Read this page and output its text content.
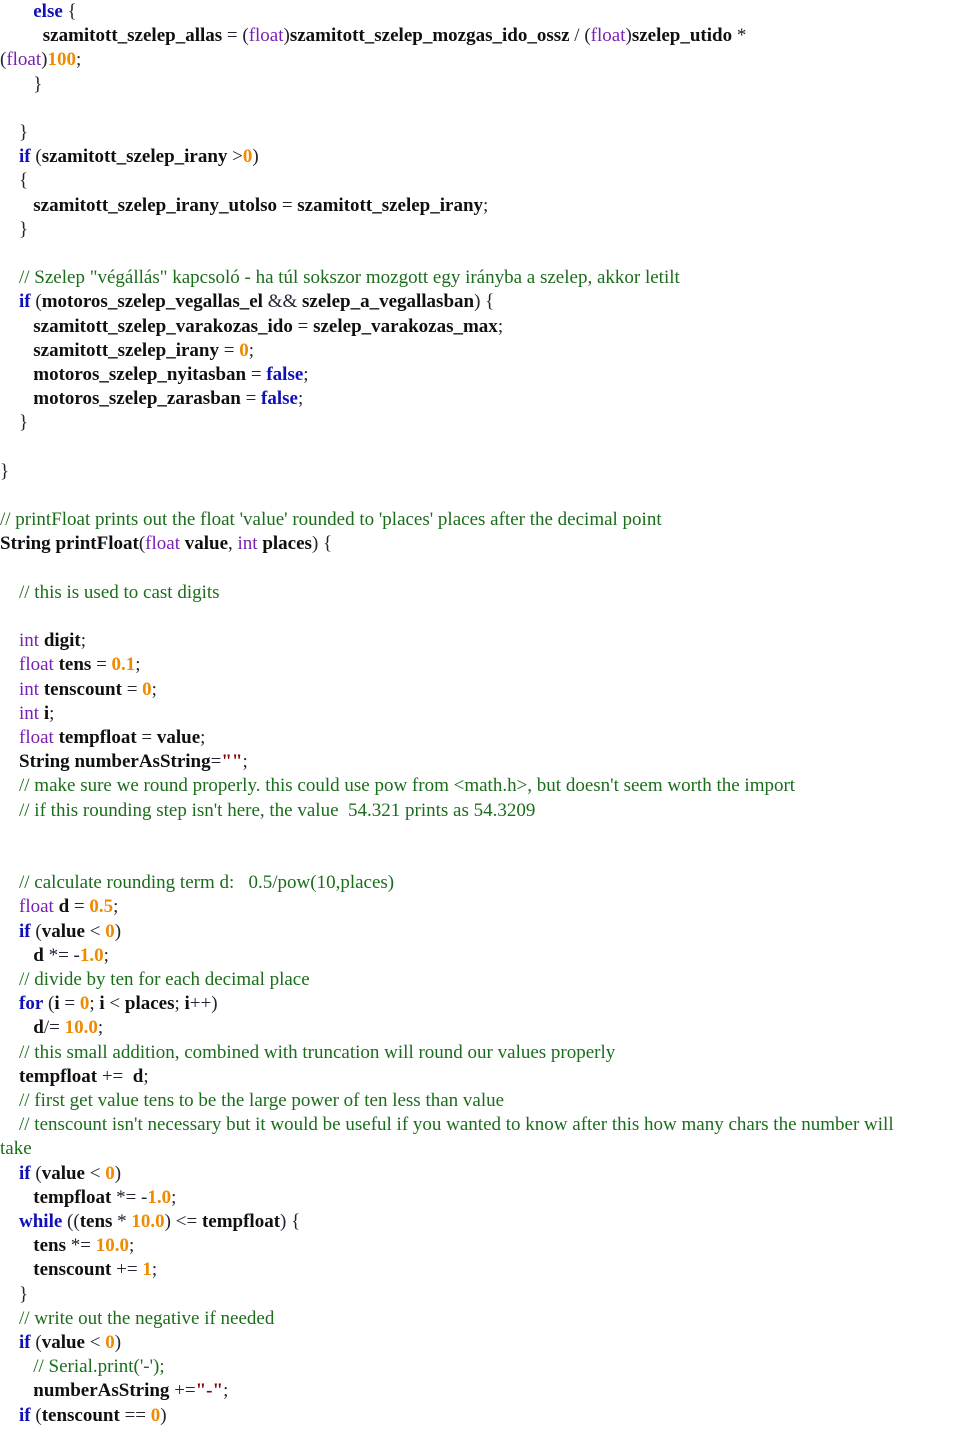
else {
szamitott_szelep_allas = (float)szamitott_szelep_mozgas_ido_ossz / (float)szelep_utido *
(float)100;
}
}
if (szamitott_szelep_irany >0)
{
szamitott_szelep_irany_utolso = szamitott_szelep_irany;
}
// Szelep "végállás" kapcsoló - ha túl sokszor mozgott egy irányba a szelep, akkor letilt
if (motoros_szelep_vegallas_el && szelep_a_vegallasban) {
szamitott_szelep_varakozas_ido = szelep_varakozas_max;
szamitott_szelep_irany = 0;
motoros_szelep_nyitasban = false;
motoros_szelep_zarasban = false;
}
}
// printFloat prints out the float 'value' rounded to 'places' places after the decimal point
String printFloat(float value, int places) {
// this is used to cast digits
int digit;
float tens = 0.1;
int tenscount = 0;
int i;
float tempfloat = value;
String numberAsString="";
// make sure we round properly. this could use pow from <math.h>, but doesn't seem worth the import
// if this rounding step isn't here, the value  54.321 prints as 54.3209
// calculate rounding term d:   0.5/pow(10,places)
float d = 0.5;
if (value < 0)
d *= -1.0;
// divide by ten for each decimal place
for (i = 0; i < places; i++)
d/= 10.0;
// this small addition, combined with truncation will round our values properly
tempfloat +=  d;
// first get value tens to be the large power of ten less than value
// tenscount isn't necessary but it would be useful if you wanted to know after this how many chars the number will
take
if (value < 0)
tempfloat *= -1.0;
while ((tens * 10.0) <= tempfloat) {
tens *= 10.0;
tenscount += 1;
}
// write out the negative if needed
if (value < 0)
// Serial.print('-');
numberAsString +="-";
if (tenscount == 0)
